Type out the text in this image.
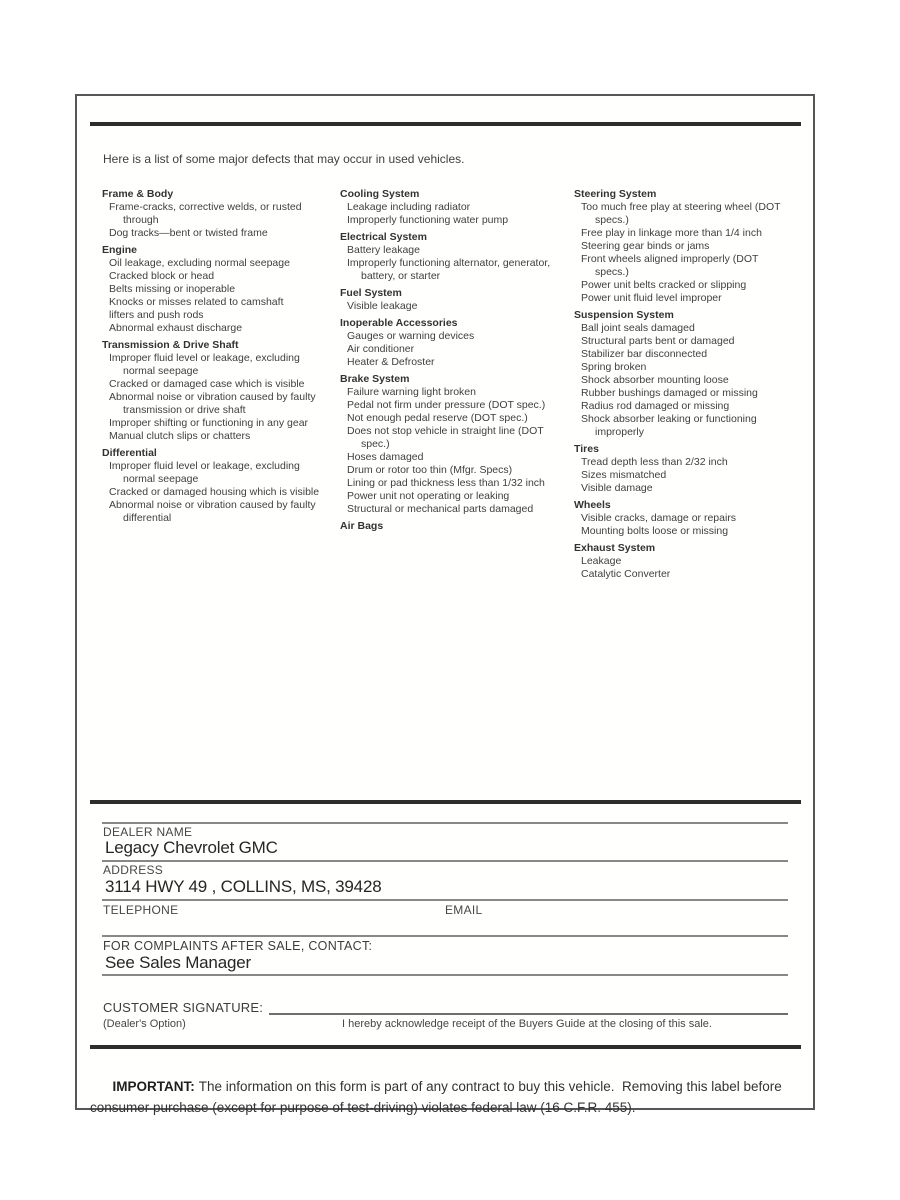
Here is a list of some major defects that may occur in used vehicles.
Frame & Body
Frame-cracks, corrective welds, or rusted through
Dog tracks—bent or twisted frame
Engine
Oil leakage, excluding normal seepage
Cracked block or head
Belts missing or inoperable
Knocks or misses related to camshaft
lifters and push rods
Abnormal exhaust discharge
Transmission & Drive Shaft
Improper fluid level or leakage, excluding normal seepage
Cracked or damaged case which is visible
Abnormal noise or vibration caused by faulty transmission or drive shaft
Improper shifting or functioning in any gear
Manual clutch slips or chatters
Differential
Improper fluid level or leakage, excluding normal seepage
Cracked or damaged housing which is visible
Abnormal noise or vibration caused by faulty differential
Cooling System
Leakage including radiator
Improperly functioning water pump
Electrical System
Battery leakage
Improperly functioning alternator, generator, battery, or starter
Fuel System
Visible leakage
Inoperable Accessories
Gauges or warning devices
Air conditioner
Heater & Defroster
Brake System
Failure warning light broken
Pedal not firm under pressure (DOT spec.)
Not enough pedal reserve (DOT spec.)
Does not stop vehicle in straight line (DOT spec.)
Hoses damaged
Drum or rotor too thin (Mfgr. Specs)
Lining or pad thickness less than 1/32 inch
Power unit not operating or leaking
Structural or mechanical parts damaged
Air Bags
Steering System
Too much free play at steering wheel (DOT specs.)
Free play in linkage more than 1/4 inch
Steering gear binds or jams
Front wheels aligned improperly (DOT specs.)
Power unit belts cracked or slipping
Power unit fluid level improper
Suspension System
Ball joint seals damaged
Structural parts bent or damaged
Stabilizer bar disconnected
Spring broken
Shock absorber mounting loose
Rubber bushings damaged or missing
Radius rod damaged or missing
Shock absorber leaking or functioning improperly
Tires
Tread depth less than 2/32 inch
Sizes mismatched
Visible damage
Wheels
Visible cracks, damage or repairs
Mounting bolts loose or missing
Exhaust System
Leakage
Catalytic Converter
DEALER NAME
Legacy Chevrolet GMC
ADDRESS
3114 HWY 49 , COLLINS, MS, 39428
TELEPHONE	EMAIL
FOR COMPLAINTS AFTER SALE, CONTACT:
See Sales Manager
CUSTOMER SIGNATURE:
(Dealer's Option)	I hereby acknowledge receipt of the Buyers Guide at the closing of this sale.

IMPORTANT: The information on this form is part of any contract to buy this vehicle.  Removing this label before consumer purchase (except for purpose of test-driving) violates federal law (16 C.F.R. 455).
